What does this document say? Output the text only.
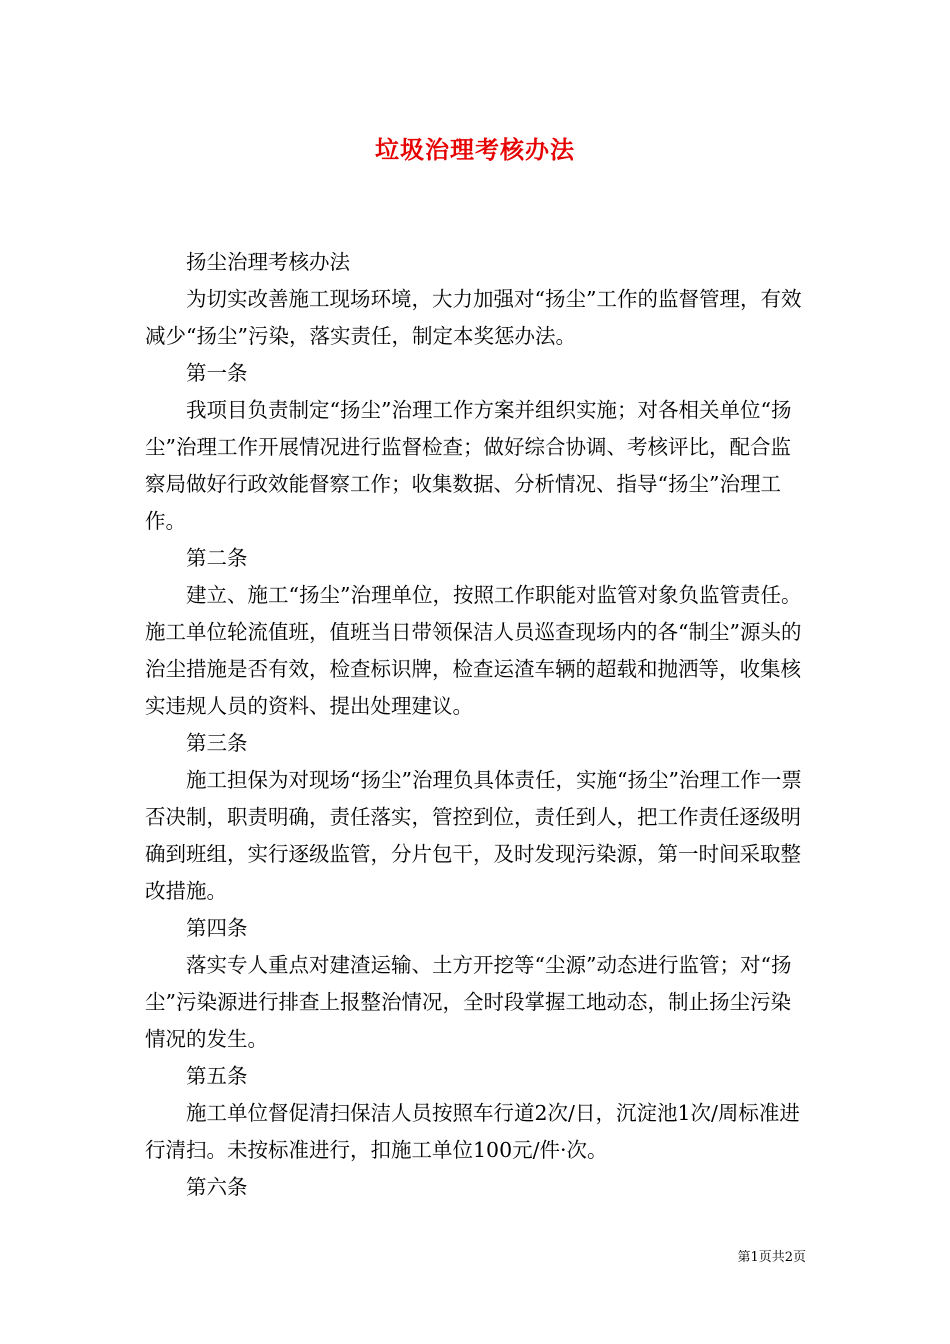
垃圾治理考核办法

扬尘治理考核办法

为切实改善施工现场环境，大力加强对“扬尘”工作的监督管理，有效减少“扬尘”污染，落实责任，制定本奖惩办法。

第一条

我项目负责制定“扬尘”治理工作方案并组织实施；对各相关单位“扬尘”治理工作开展情况进行监督检查；做好综合协调、考核评比，配合监察局做好行政效能督察工作；收集数据、分析情况、指导“扬尘”治理工作。

第二条

建立、施工“扬尘”治理单位，按照工作职能对监管对象负监管责任。施工单位轮流值班，值班当日带领保洁人员巡查现场内的各“制尘”源头的治尘措施是否有效，检查标识牌，检查运渣车辆的超载和抛洒等，收集核实违规人员的资料、提出处理建议。

第三条

施工担保为对现场“扬尘”治理负具体责任，实施“扬尘”治理工作一票否决制，职责明确，责任落实，管控到位，责任到人，把工作责任逐级明确到班组，实行逐级监管，分片包干，及时发现污染源，第一时间采取整改措施。

第四条

落实专人重点对建渣运输、土方开挖等“尘源”动态进行监管；对“扬尘”污染源进行排查上报整治情况，全时段掌握工地动态，制止扬尘污染情况的发生。

第五条

施工单位督促清扫保洁人员按照车行道2次/日，沉淀池1次/周标准进行清扫。未按标准进行，扣施工单位100元/件·次。

第六条

第1页共2页
